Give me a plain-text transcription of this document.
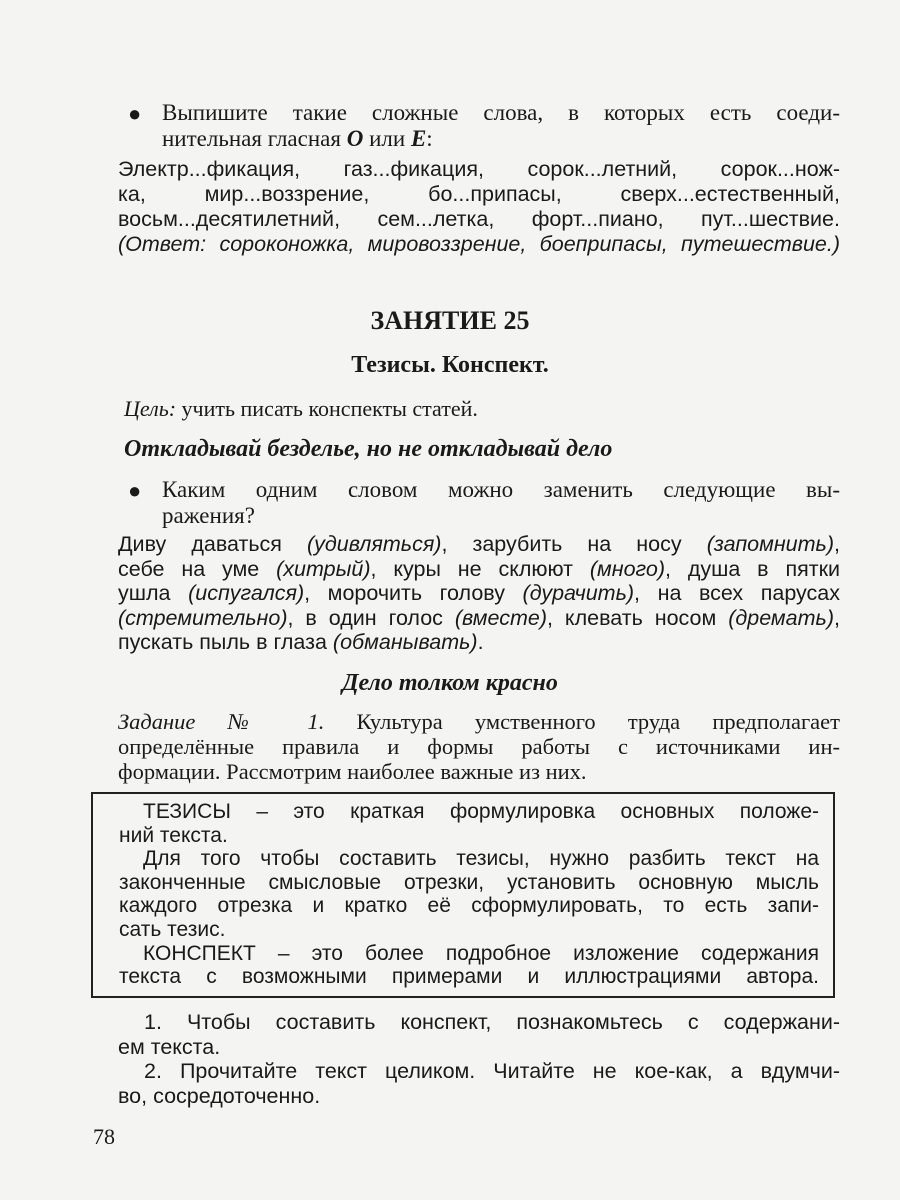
● Выпишите такие сложные слова, в которых есть соеди-
нительная гласная О или Е:

Электр...фикация, газ...фикация, сорок...летний, сорок...нож-

ка, мир...воззрение, бо...припасы, сверх...естественный,

восьм...десятилетний, сем...летка, форт...пиано, пут...шествие.

(Ответ: сороконожка, мировоззрение, боеприпасы, путешествие.)

ЗАНЯТИЕ 25
Тезисы. Конспект.
Цель: учить писать конспекты статей.
Откладывай безделье, но не откладывай дело
● Каким одним словом можно заменить следующие вы-
ражения?

Диву даваться (удивляться), зарубить на носу (запомнить),

себе на уме (хитрый), куры не склюют (много), душа в пятки

ушла (испугался), морочить голову (дурачить), на всех парусах

(стремительно), в один голос (вместе), клевать носом (дремать),

пускать пыль в глаза (обманывать).

Дело толком красно

Задание № 1. Культура умственного труда предполагает

определённые правила и формы работы с источниками ин-

формации. Рассмотрим наиболее важные из них.

ТЕЗИСЫ – это краткая формулировка основных положе-

ний текста.

Для того чтобы составить тезисы, нужно разбить текст на

законченные смысловые отрезки, установить основную мысль

каждого отрезка и кратко её сформулировать, то есть запи-

сать тезис.

КОНСПЕКТ – это более подробное изложение содержания

текста с возможными примерами и иллюстрациями автора.

1. Чтобы составить конспект, познакомьтесь с содержани-

ем текста.

2. Прочитайте текст целиком. Читайте не кое-как, а вдумчи-

во, сосредоточенно.

78
